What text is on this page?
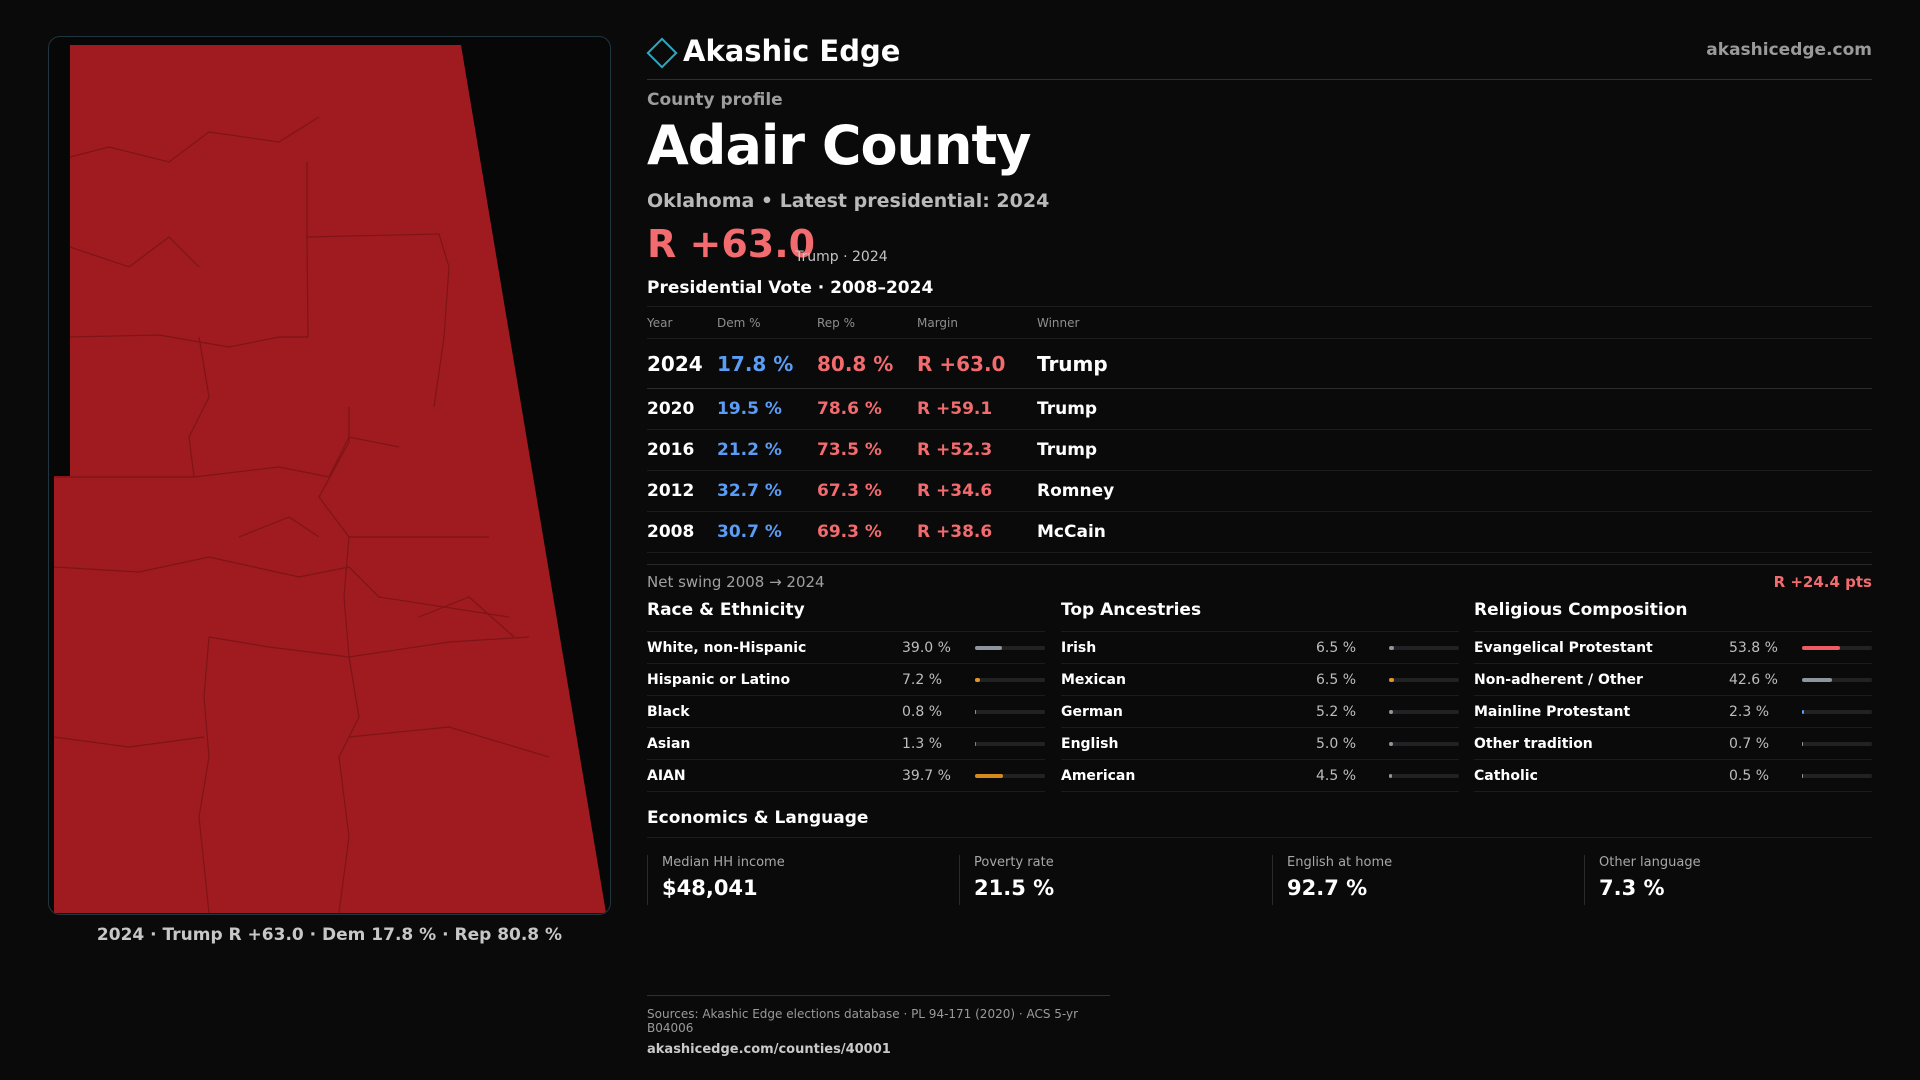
2024 · Trump R +63.0 · Dem 17.8 % · Rep 80.8 %
Akashic Edge	akashicedge.com
County profile
Adair County
Oklahoma • Latest presidential: 2024
R +63.0
Trump · 2024
Presidential Vote · 2008–2024
Year	Dem %	Rep %	Margin	Winner
2024 17.8 % 80.8 % R +63.0 Trump
2020 19.5 % 78.6 % R +59.1	Trump
2016 21.2 % 73.5 % R +52.3	Trump
2012 32.7 % 67.3 % R +34.6	Romney
2008 30.7 % 69.3 % R +38.6	McCain
Net swing 2008 → 2024	R +24.4 pts
Race & Ethnicity
White, non-Hispanic	39.0 %
Hispanic or Latino	7.2 %
Black	0.8 %
Asian	1.3 %
AIAN	39.7 %
Top Ancestries
Irish	6.5 %
Mexican	6.5 %
German	5.2 %
English	5.0 %
American	4.5 %
Religious Composition
Evangelical Protestant	53.8 %
Non-adherent / Other	42.6 %
Mainline Protestant	2.3 %
Other tradition	0.7 %
Catholic	0.5 %
Economics & Language
Median HH income
$48,041
Poverty rate
21.5 %
English at home
92.7 %
Other language
7.3 %
Sources: Akashic Edge elections database · PL 94-171 (2020) · ACS 5-yr B04006
akashicedge.com/counties/40001
